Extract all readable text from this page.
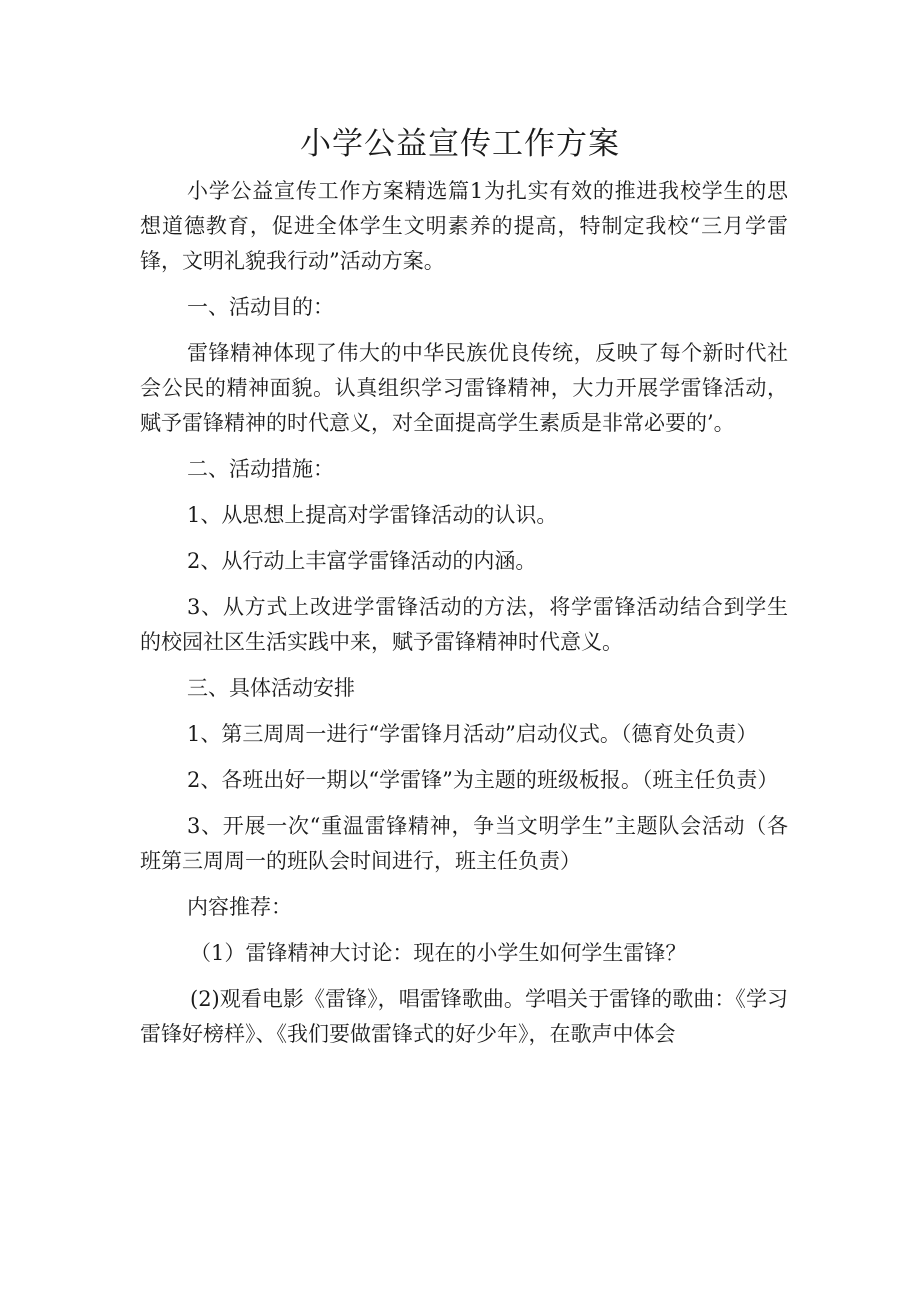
小学公益宣传工作方案

小学公益宣传工作方案精选篇1为扎实有效的推进我校学生的思想道德教育，促进全体学生文明素养的提高，特制定我校“三月学雷锋，文明礼貌我行动”活动方案。

一、活动目的：

雷锋精神体现了伟大的中华民族优良传统，反映了每个新时代社会公民的精神面貌。认真组织学习雷锋精神，大力开展学雷锋活动，赋予雷锋精神的时代意义，对全面提高学生素质是非常必要的’。

二、活动措施：

1、从思想上提高对学雷锋活动的认识。

2、从行动上丰富学雷锋活动的内涵。

3、从方式上改进学雷锋活动的方法，将学雷锋活动结合到学生的校园社区生活实践中来，赋予雷锋精神时代意义。

三、具体活动安排

1、第三周周一进行“学雷锋月活动”启动仪式。（德育处负责）

2、各班出好一期以“学雷锋”为主题的班级板报。（班主任负责）

3、开展一次“重温雷锋精神，争当文明学生”主题队会活动（各班第三周周一的班队会时间进行，班主任负责）

内容推荐：

（1）雷锋精神大讨论：现在的小学生如何学生雷锋？

(2)观看电影《雷锋》，唱雷锋歌曲。学唱关于雷锋的歌曲：《学习雷锋好榜样》、《我们要做雷锋式的好少年》，在歌声中体会
